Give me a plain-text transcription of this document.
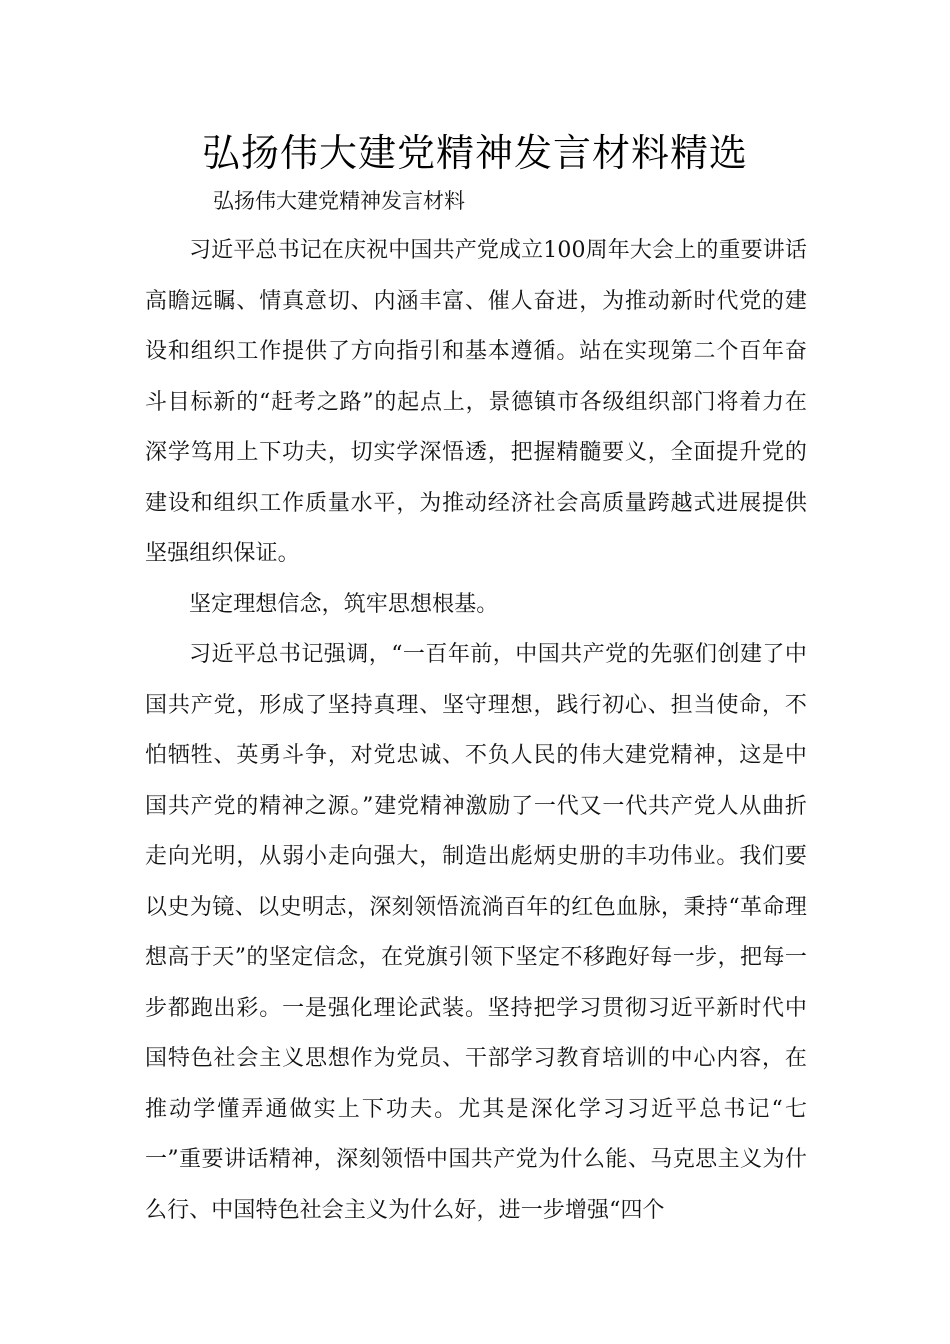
弘扬伟大建党精神发言材料精选
弘扬伟大建党精神发言材料

习近平总书记在庆祝中国共产党成立100周年大会上的重要讲话高瞻远瞩、情真意切、内涵丰富、催人奋进，为推动新时代党的建设和组织工作提供了方向指引和基本遵循。站在实现第二个百年奋斗目标新的“赶考之路”的起点上，景德镇市各级组织部门将着力在深学笃用上下功夫，切实学深悟透，把握精髓要义，全面提升党的建设和组织工作质量水平，为推动经济社会高质量跨越式进展提供坚强组织保证。

坚定理想信念，筑牢思想根基。

习近平总书记强调，“一百年前，中国共产党的先驱们创建了中国共产党，形成了坚持真理、坚守理想，践行初心、担当使命，不怕牺牲、英勇斗争，对党忠诚、不负人民的伟大建党精神，这是中国共产党的精神之源。”建党精神激励了一代又一代共产党人从曲折走向光明，从弱小走向强大，制造出彪炳史册的丰功伟业。我们要以史为镜、以史明志，深刻领悟流淌百年的红色血脉，秉持“革命理想高于天”的坚定信念，在党旗引领下坚定不移跑好每一步，把每一步都跑出彩。一是强化理论武装。坚持把学习贯彻习近平新时代中国特色社会主义思想作为党员、干部学习教育培训的中心内容，在推动学懂弄通做实上下功夫。尤其是深化学习习近平总书记“七一”重要讲话精神，深刻领悟中国共产党为什么能、马克思主义为什么行、中国特色社会主义为什么好，进一步增强“四个
